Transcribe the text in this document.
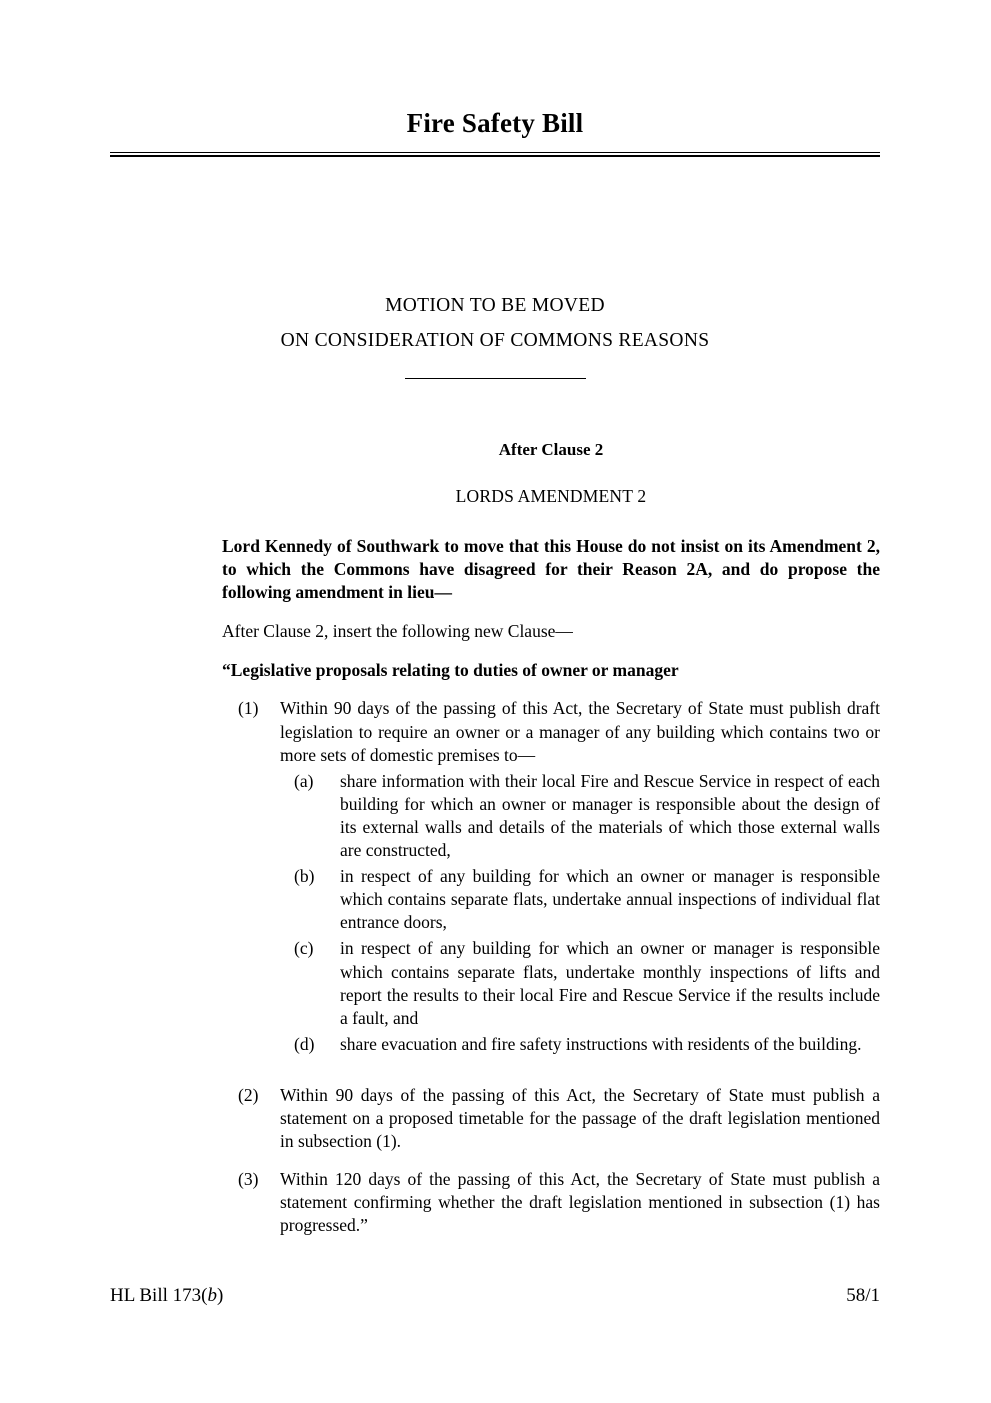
Fire Safety Bill
MOTION TO BE MOVED
ON CONSIDERATION OF COMMONS REASONS
After Clause 2
LORDS AMENDMENT 2

Lord Kennedy of Southwark to move that this House do not insist on its Amendment 2, to which the Commons have disagreed for their Reason 2A, and do propose the following amendment in lieu—

After Clause 2, insert the following new Clause—

“Legislative proposals relating to duties of owner or manager

(1)	Within 90 days of the passing of this Act, the Secretary of State must publish draft legislation to require an owner or a manager of any building which contains two or more sets of domestic premises to—
(a)	share information with their local Fire and Rescue Service in respect of each building for which an owner or manager is responsible about the design of its external walls and details of the materials of which those external walls are constructed,
(b)	in respect of any building for which an owner or manager is responsible which contains separate flats, undertake annual inspections of individual flat entrance doors,
(c)	in respect of any building for which an owner or manager is responsible which contains separate flats, undertake monthly inspections of lifts and report the results to their local Fire and Rescue Service if the results include a fault, and
(d)	share evacuation and fire safety instructions with residents of the building.
(2)	Within 90 days of the passing of this Act, the Secretary of State must publish a statement on a proposed timetable for the passage of the draft legislation mentioned in subsection (1).
(3)	Within 120 days of the passing of this Act, the Secretary of State must publish a statement confirming whether the draft legislation mentioned in subsection (1) has progressed.”
HL Bill 173(b)	58/1
